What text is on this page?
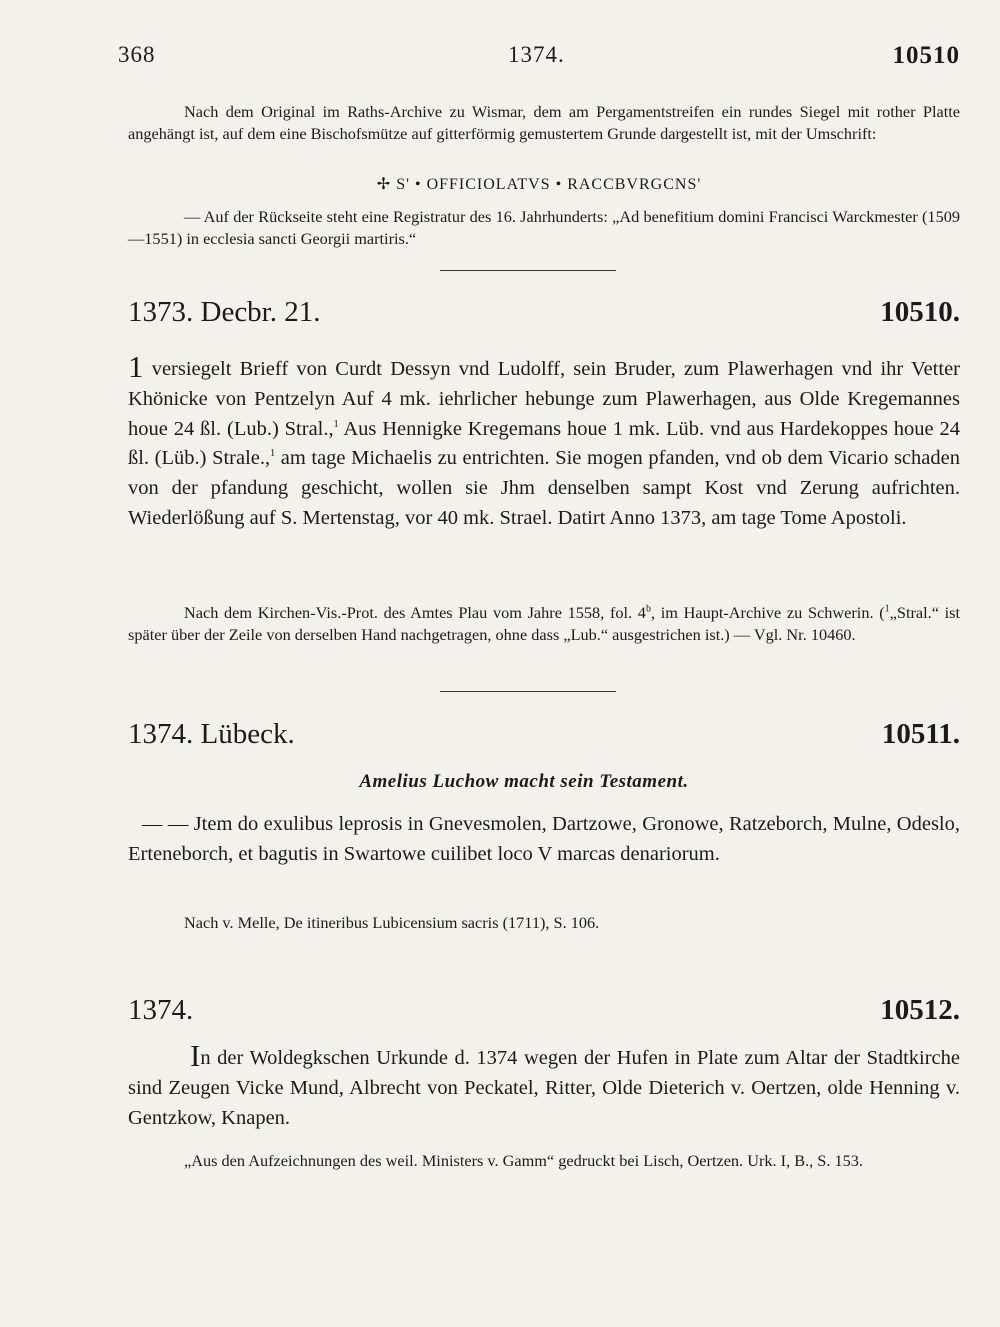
368	1374.	10510
Nach dem Original im Raths-Archive zu Wismar, dem am Pergamentstreifen ein rundes Siegel mit rother Platte angehängt ist, auf dem eine Bischofsmütze auf gitterförmig gemustertem Grunde dargestellt ist, mit der Umschrift:
✢ S' • OFFICIOLATVS • RACCBVRGCNS'
— Auf der Rückseite steht eine Registratur des 16. Jahrhunderts: „Ad benefitium domini Francisci Warckmester (1509—1551) in ecclesia sancti Georgii martiris.“
1373. Decbr. 21.	10510.
1 versiegelt Brieff von Curdt Dessyn vnd Ludolff, sein Bruder, zum Plawerhagen vnd ihr Vetter Khönicke von Pentzelyn Auf 4 mk. iehrlicher hebunge zum Plawerhagen, aus Olde Kregemannes houe 24 ßl. (Lub.) Stral.,$^1$ Aus Hennigke Kregemans houe 1 mk. Lüb. vnd aus Hardekoppes houe 24 ßl. (Lüb.) Strale.,$^1$ am tage Michaelis zu entrichten. Sie mogen pfanden, vnd ob dem Vicario schaden von der pfandung geschicht, wollen sie Jhm denselben sampt Kost vnd Zerung aufrichten. Wiederlößung auf S. Mertenstag, vor 40 mk. Strael. Datirt Anno 1373, am tage Tome Apostoli.
Nach dem Kirchen-Vis.-Prot. des Amtes Plau vom Jahre 1558, fol. 4$^b$, im Haupt-Archive zu Schwerin. ($^1$„Stral.“ ist später über der Zeile von derselben Hand nachgetragen, ohne dass „Lub.“ ausgestrichen ist.) — Vgl. Nr. 10460.
1374. Lübeck.	10511.
Amelius Luchow macht sein Testament.
— — Jtem do exulibus leprosis in Gnevesmolen, Dartzowe, Gronowe, Ratzeborch, Mulne, Odeslo, Erteneborch, et bagutis in Swartowe cuilibet loco V marcas denariorum.
Nach v. Melle, De itineribus Lubicensium sacris (1711), S. 106.
1374.	10512.
In der Woldegkschen Urkunde d. 1374 wegen der Hufen in Plate zum Altar der Stadtkirche sind Zeugen Vicke Mund, Albrecht von Peckatel, Ritter, Olde Dieterich v. Oertzen, olde Henning v. Gentzkow, Knapen.
„Aus den Aufzeichnungen des weil. Ministers v. Gamm“ gedruckt bei Lisch, Oertzen. Urk. I, B., S. 153.
